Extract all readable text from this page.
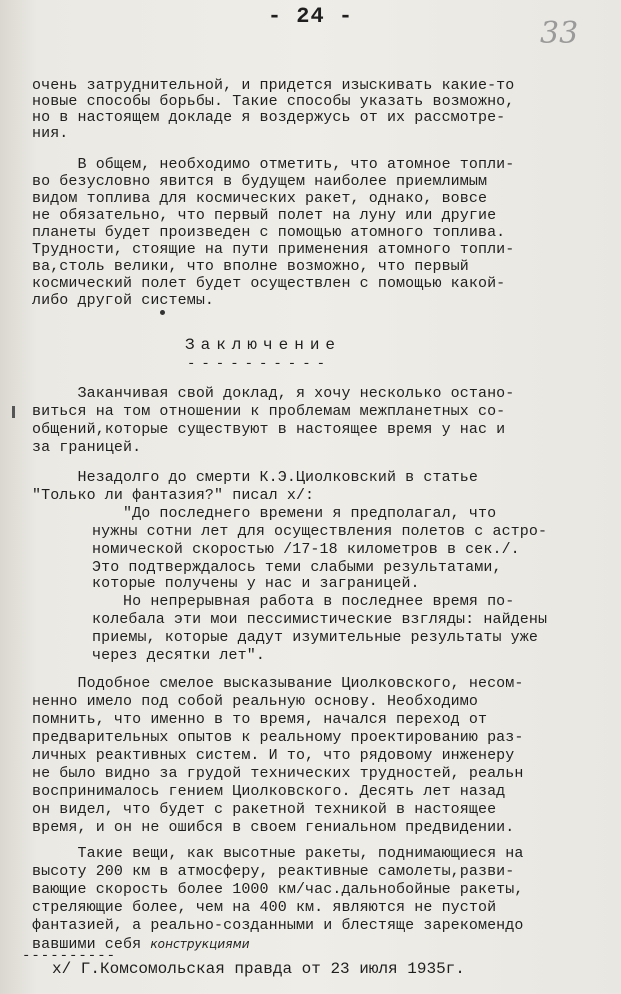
- 24 -	33
очень затруднительной, и придется изыскивать какие-то
новые способы борьбы. Такие способы указать возможно,
но в настоящем докладе я воздержусь от их рассмотре-
ния.
В общем, необходимо отметить, что атомное топли-
во безусловно явится в будущем наиболее приемлимым
видом топлива для космических ракет, однако, вовсе
не обязательно, что первый полет на луну или другие
планеты будет произведен с помощью атомного топлива.
Трудности, стоящие на пути применения атомного топли-
ва,столь велики, что вполне возможно, что первый
космический полет будет осуществлен с помощью какой-
либо другой системы.
Заключение
----------
Заканчивая свой доклад, я хочу несколько остано-
виться на том отношении к проблемам межпланетных со-
общений,которые существуют в настоящее время у нас и
за границей.
Незадолго до смерти К.Э.Циолковский в статье
"Только ли фантазия?" писал х/:
"До последнего времени я предполагал, что
нужны сотни лет для осуществления полетов с астро-
номической скоростью /17-18 километров в сек./.
Это подтверждалось теми слабыми результатами,
которые получены у нас и заграницей.
Но непрерывная работа в последнее время по-
колебала эти мои пессимистические взгляды: найдены
приемы, которые дадут изумительные результаты уже
через десятки лет".
Подобное смелое высказывание Циолковского, несом-
ненно имело под собой реальную основу. Необходимо
помнить, что именно в то время, начался переход от
предварительных опытов к реальному проектированию раз-
личных реактивных систем. И то, что рядовому инженеру
не было видно за грудой технических трудностей, реальн
воспринималось гением Циолковского. Десять лет назад
он видел, что будет с ракетной техникой в настоящее
время, и он не ошибся в своем гениальном предвидении.
Такие вещи, как высотные ракеты, поднимающиеся на
высоту 200 км в атмосферу, реактивные самолеты,разви-
вающие скорость более 1000 км/час.дальнобойные ракеты,
стреляющие более, чем на 400 км. являются не пустой
фантазией, а реально-созданными и блестяще зарекомендо
вавшими себя конструкциями
----------
х/ Г.Комсомольская правда от 23 июля 1935г.
